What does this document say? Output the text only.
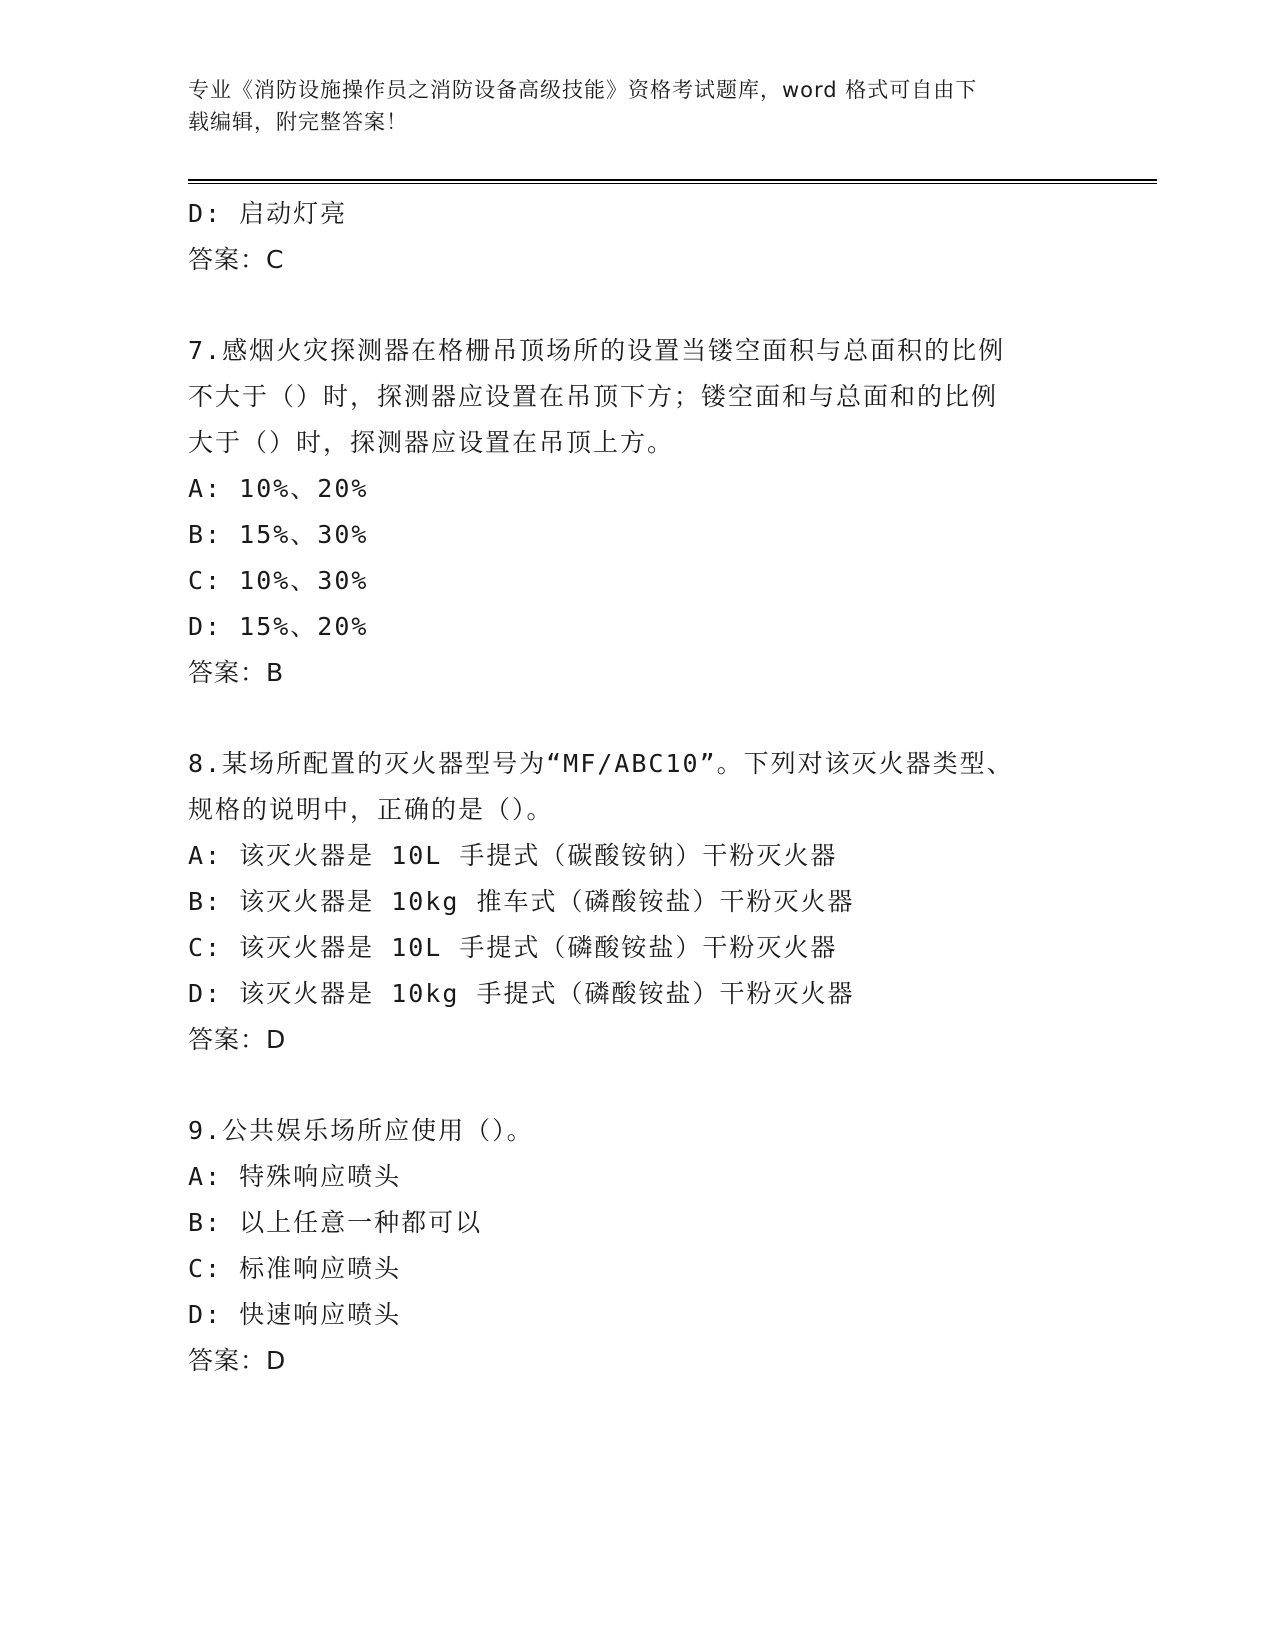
专业《消防设施操作员之消防设备高级技能》资格考试题库，word 格式可自由下
载编辑，附完整答案！
D: 启动灯亮
答案：C
7.感烟火灾探测器在格栅吊顶场所的设置当镂空面积与总面积的比例
不大于（）时，探测器应设置在吊顶下方；镂空面和与总面和的比例
大于（）时，探测器应设置在吊顶上方。
A: 10%、20%
B: 15%、30%
C: 10%、30%
D: 15%、20%
答案：B
8.某场所配置的灭火器型号为“MF/ABC10”。下列对该灭火器类型、
规格的说明中，正确的是（）。
A: 该灭火器是 10L 手提式（碳酸铵钠）干粉灭火器
B: 该灭火器是 10kg 推车式（磷酸铵盐）干粉灭火器
C: 该灭火器是 10L 手提式（磷酸铵盐）干粉灭火器
D: 该灭火器是 10kg 手提式（磷酸铵盐）干粉灭火器
答案：D
9.公共娱乐场所应使用（）。
A: 特殊响应喷头
B: 以上任意一种都可以
C: 标准响应喷头
D: 快速响应喷头
答案：D
